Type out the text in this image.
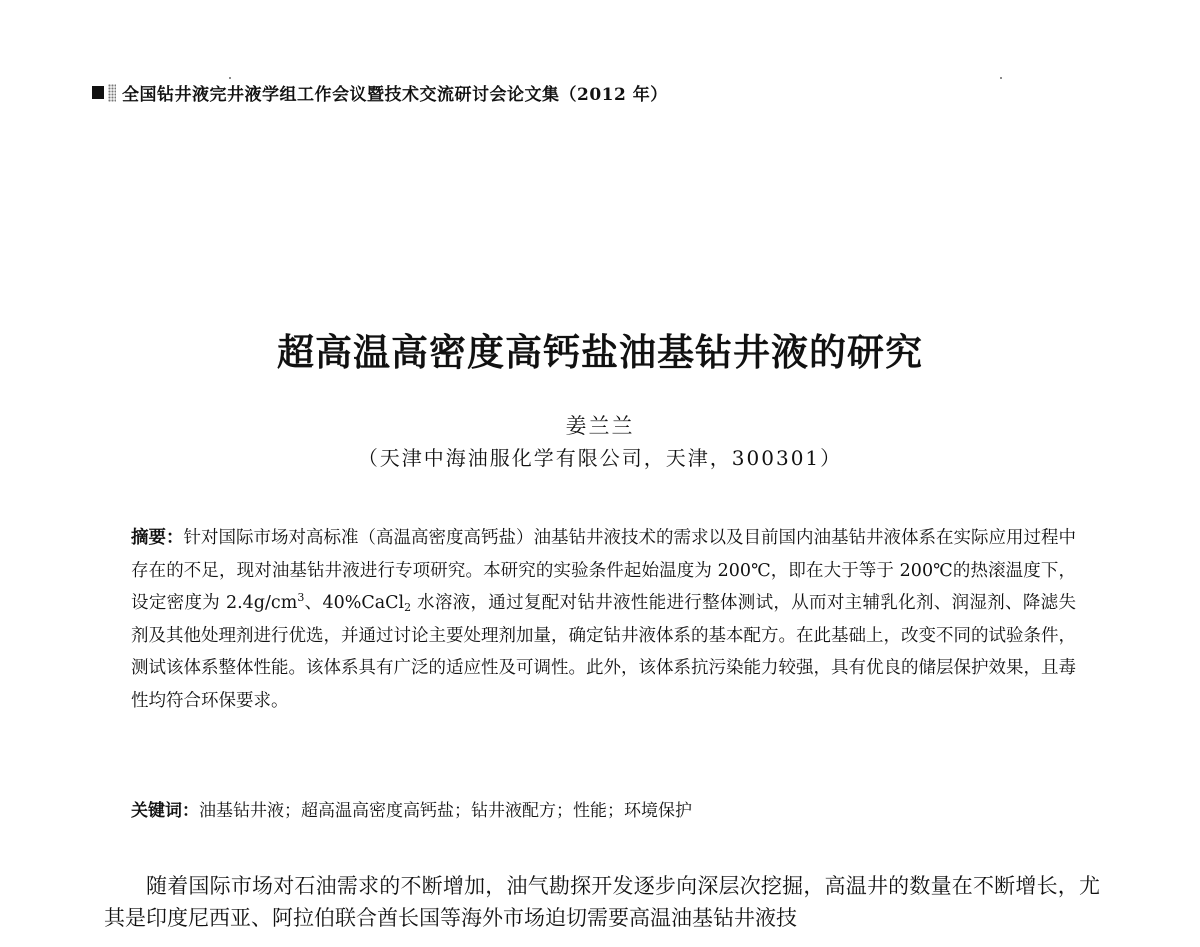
全国钻井液完井液学组工作会议暨技术交流研讨会论文集（2012 年）
超高温高密度高钙盐油基钻井液的研究
姜兰兰
（天津中海油服化学有限公司，天津，300301）
摘要：针对国际市场对高标准（高温高密度高钙盐）油基钻井液技术的需求以及目前国内油基钻井液体系在实际应用过程中存在的不足，现对油基钻井液进行专项研究。本研究的实验条件起始温度为 200℃，即在大于等于 200℃的热滚温度下，设定密度为 $2.4g/cm^3$、40%CaCl$_2$ 水溶液，通过复配对钻井液性能进行整体测试，从而对主辅乳化剂、润湿剂、降滤失剂及其他处理剂进行优选，并通过讨论主要处理剂加量，确定钻井液体系的基本配方。在此基础上，改变不同的试验条件，测试该体系整体性能。该体系具有广泛的适应性及可调性。此外，该体系抗污染能力较强，具有优良的储层保护效果，且毒性均符合环保要求。
关键词：油基钻井液；超高温高密度高钙盐；钻井液配方；性能；环境保护

随着国际市场对石油需求的不断增加，油气勘探开发逐步向深层次挖掘，高温井的数量在不断增长，尤其是印度尼西亚、阿拉伯联合酋长国等海外市场迫切需要高温油基钻井液技
